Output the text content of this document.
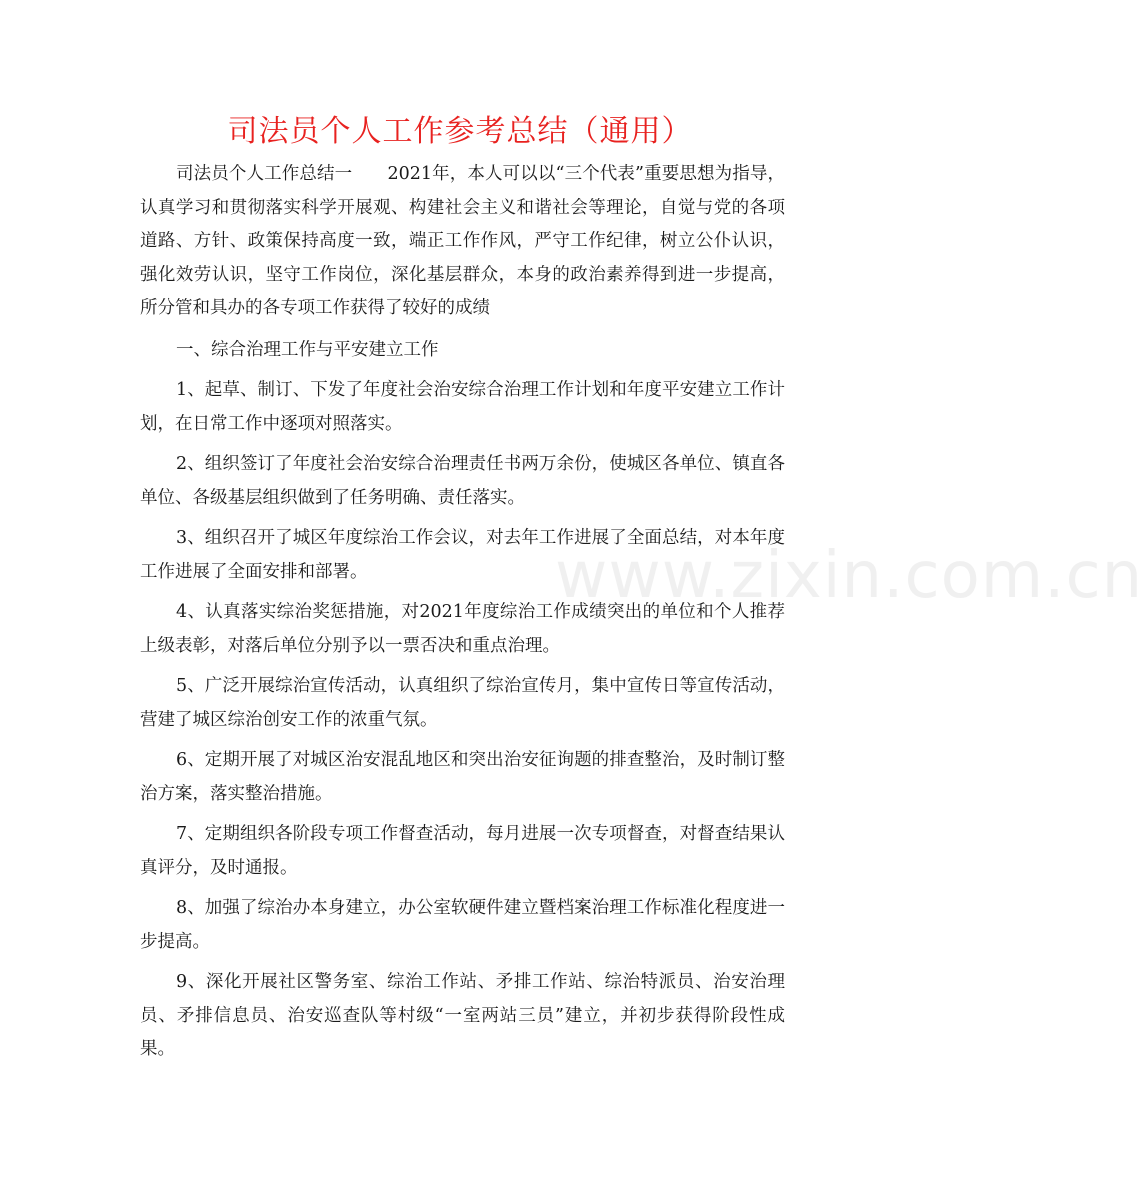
司法员个人工作参考总结（通用）

司法员个人工作总结一　　2021年，本人可以以“三个代表”重要思想为指导，认真学习和贯彻落实科学开展观、构建社会主义和谐社会等理论，自觉与党的各项道路、方针、政策保持高度一致，端正工作作风，严守工作纪律，树立公仆认识，强化效劳认识，坚守工作岗位，深化基层群众，本身的政治素养得到进一步提高，所分管和具办的各专项工作获得了较好的成绩

一、综合治理工作与平安建立工作

1、起草、制订、下发了年度社会治安综合治理工作计划和年度平安建立工作计划，在日常工作中逐项对照落实。

2、组织签订了年度社会治安综合治理责任书两万余份，使城区各单位、镇直各单位、各级基层组织做到了任务明确、责任落实。

3、组织召开了城区年度综治工作会议，对去年工作进展了全面总结，对本年度工作进展了全面安排和部署。

4、认真落实综治奖惩措施，对2021年度综治工作成绩突出的单位和个人推荐上级表彰，对落后单位分别予以一票否决和重点治理。

5、广泛开展综治宣传活动，认真组织了综治宣传月，集中宣传日等宣传活动，营建了城区综治创安工作的浓重气氛。

6、定期开展了对城区治安混乱地区和突出治安征询题的排查整治，及时制订整治方案，落实整治措施。

7、定期组织各阶段专项工作督查活动，每月进展一次专项督查，对督查结果认真评分，及时通报。

8、加强了综治办本身建立，办公室软硬件建立暨档案治理工作标准化程度进一步提高。

9、深化开展社区警务室、综治工作站、矛排工作站、综治特派员、治安治理员、矛排信息员、治安巡查队等村级“一室两站三员”建立，并初步获得阶段性成果。

www.zixin.com.cn
